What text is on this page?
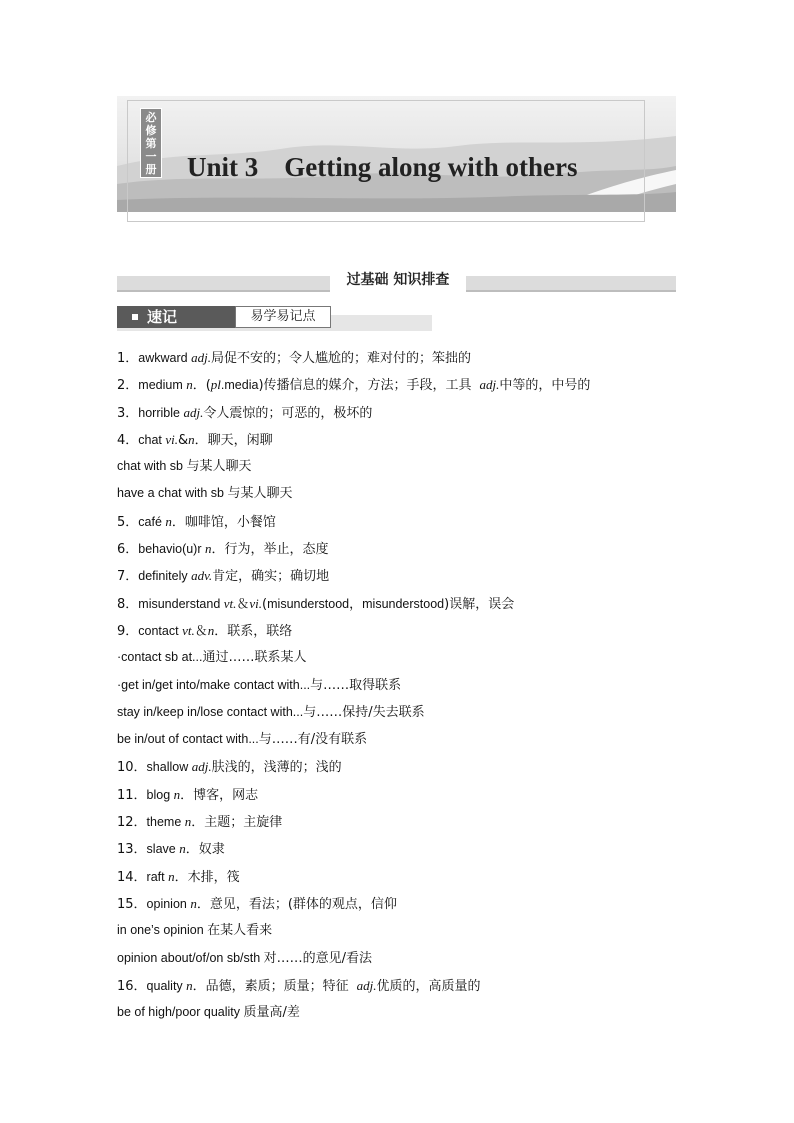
必
修
第
一
册 Unit 3 Getting along with others
过基础 知识排查
速记	易学易记点
1．awkward adj.局促不安的；令人尴尬的；难对付的；笨拙的
2．medium n．(pl.media)传播信息的媒介，方法；手段，工具 adj.中等的，中号的
3．horrible adj.令人震惊的；可恶的，极坏的
4．chat vi.&n．聊天，闲聊
chat with sb 与某人聊天
have a chat with sb 与某人聊天
5．café n．咖啡馆，小餐馆
6．behavio(u)r n．行为，举止，态度
7．definitely adv.肯定，确实；确切地
8．misunderstand vt.＆vi.(misunderstood，misunderstood)误解，误会
9．contact vt.＆n．联系，联络
·contact sb at...通过……联系某人
·get in/get into/make contact with...与……取得联系
stay in/keep in/lose contact with...与……保持/失去联系
be in/out of contact with...与……有/没有联系
10．shallow adj.肤浅的，浅薄的；浅的
11．blog n．博客，网志
12．theme n．主题；主旋律
13．slave n．奴隶
14．raft n．木排，筏
15．opinion n．意见，看法；(群体的观点，信仰
in one’s opinion 在某人看来
opinion about/of/on sb/sth 对……的意见/看法
16．quality n．品德，素质；质量；特征 adj.优质的，高质量的
be of high/poor quality 质量高/差
